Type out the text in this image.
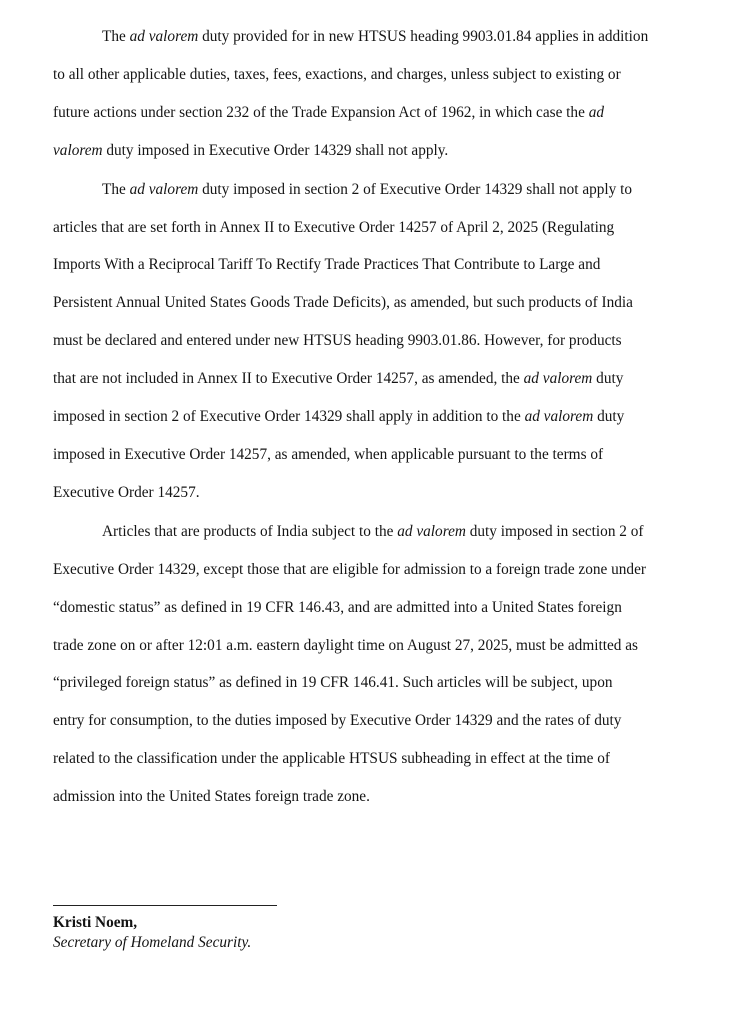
The ad valorem duty provided for in new HTSUS heading 9903.01.84 applies in addition
to all other applicable duties, taxes, fees, exactions, and charges, unless subject to existing or
future actions under section 232 of the Trade Expansion Act of 1962, in which case the ad
valorem duty imposed in Executive Order 14329 shall not apply.
The ad valorem duty imposed in section 2 of Executive Order 14329 shall not apply to
articles that are set forth in Annex II to Executive Order 14257 of April 2, 2025 (Regulating
Imports With a Reciprocal Tariff To Rectify Trade Practices That Contribute to Large and
Persistent Annual United States Goods Trade Deficits), as amended, but such products of India
must be declared and entered under new HTSUS heading 9903.01.86. However, for products
that are not included in Annex II to Executive Order 14257, as amended, the ad valorem duty
imposed in section 2 of Executive Order 14329 shall apply in addition to the ad valorem duty
imposed in Executive Order 14257, as amended, when applicable pursuant to the terms of
Executive Order 14257.
Articles that are products of India subject to the ad valorem duty imposed in section 2 of
Executive Order 14329, except those that are eligible for admission to a foreign trade zone under
“domestic status” as defined in 19 CFR 146.43, and are admitted into a United States foreign
trade zone on or after 12:01 a.m. eastern daylight time on August 27, 2025, must be admitted as
“privileged foreign status” as defined in 19 CFR 146.41. Such articles will be subject, upon
entry for consumption, to the duties imposed by Executive Order 14329 and the rates of duty
related to the classification under the applicable HTSUS subheading in effect at the time of
admission into the United States foreign trade zone.

Kristi Noem,

Secretary of Homeland Security.
